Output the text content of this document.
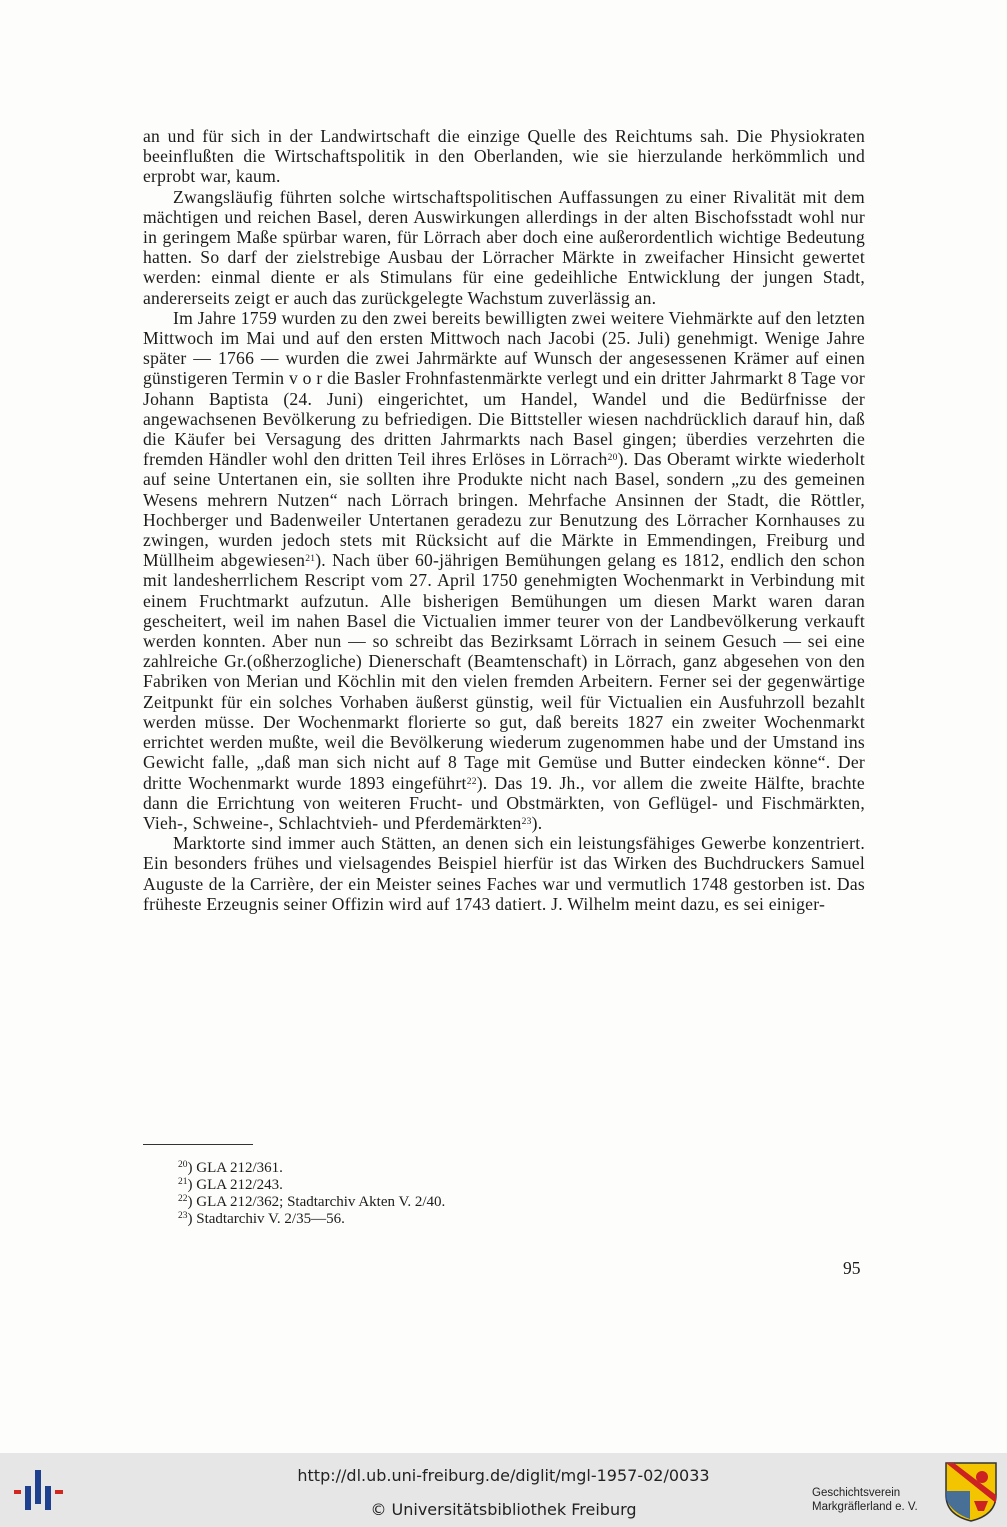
an und für sich in der Landwirtschaft die einzige Quelle des Reichtums sah. Die Physiokraten beeinflußten die Wirtschaftspolitik in den Oberlanden, wie sie hierzulande herkömmlich und erprobt war, kaum.

Zwangsläufig führten solche wirtschaftspolitischen Auffassungen zu einer Rivalität mit dem mächtigen und reichen Basel, deren Auswirkungen allerdings in der alten Bischofsstadt wohl nur in geringem Maße spürbar waren, für Lörrach aber doch eine außerordentlich wichtige Bedeutung hatten. So darf der zielstrebige Ausbau der Lörracher Märkte in zweifacher Hinsicht gewertet werden: einmal diente er als Stimulans für eine gedeihliche Entwicklung der jungen Stadt, andererseits zeigt er auch das zurückgelegte Wachstum zuverlässig an.

Im Jahre 1759 wurden zu den zwei bereits bewilligten zwei weitere Viehmärkte auf den letzten Mittwoch im Mai und auf den ersten Mittwoch nach Jacobi (25. Juli) genehmigt. Wenige Jahre später — 1766 — wurden die zwei Jahrmärkte auf Wunsch der angesessenen Krämer auf einen günstigeren Termin v o r die Basler Frohnfastenmärkte verlegt und ein dritter Jahrmarkt 8 Tage vor Johann Baptista (24. Juni) eingerichtet, um Handel, Wandel und die Bedürfnisse der angewachsenen Bevölkerung zu befriedigen. Die Bittsteller wiesen nachdrücklich darauf hin, daß die Käufer bei Versagung des dritten Jahrmarkts nach Basel gingen; überdies verzehrten die fremden Händler wohl den dritten Teil ihres Erlöses in Lörrach$^{20}$). Das Oberamt wirkte wiederholt auf seine Untertanen ein, sie sollten ihre Produkte nicht nach Basel, sondern „zu des gemeinen Wesens mehrern Nutzen“ nach Lörrach bringen. Mehrfache Ansinnen der Stadt, die Röttler, Hochberger und Badenweiler Untertanen geradezu zur Benutzung des Lörracher Kornhauses zu zwingen, wurden jedoch stets mit Rücksicht auf die Märkte in Emmendingen, Freiburg und Müllheim abgewiesen$^{21}$). Nach über 60-jährigen Bemühungen gelang es 1812, endlich den schon mit landesherrlichem Rescript vom 27. April 1750 genehmigten Wochenmarkt in Verbindung mit einem Fruchtmarkt aufzutun. Alle bisherigen Bemühungen um diesen Markt waren daran gescheitert, weil im nahen Basel die Victualien immer teurer von der Landbevölkerung verkauft werden konnten. Aber nun — so schreibt das Bezirksamt Lörrach in seinem Gesuch — sei eine zahlreiche Gr.(oßherzogliche) Dienerschaft (Beamtenschaft) in Lörrach, ganz abgesehen von den Fabriken von Merian und Köchlin mit den vielen fremden Arbeitern. Ferner sei der gegenwärtige Zeitpunkt für ein solches Vorhaben äußerst günstig, weil für Victualien ein Ausfuhrzoll bezahlt werden müsse. Der Wochenmarkt florierte so gut, daß bereits 1827 ein zweiter Wochenmarkt errichtet werden mußte, weil die Bevölkerung wiederum zugenommen habe und der Umstand ins Gewicht falle, „daß man sich nicht auf 8 Tage mit Gemüse und Butter eindecken könne“. Der dritte Wochenmarkt wurde 1893 eingeführt$^{22}$). Das 19. Jh., vor allem die zweite Hälfte, brachte dann die Errichtung von weiteren Frucht- und Obstmärkten, von Geflügel- und Fischmärkten, Vieh-, Schweine-, Schlachtvieh- und Pferdemärkten$^{23}$).

Marktorte sind immer auch Stätten, an denen sich ein leistungsfähiges Gewerbe konzentriert. Ein besonders frühes und vielsagendes Beispiel hierfür ist das Wirken des Buchdruckers Samuel Auguste de la Carrière, der ein Meister seines Faches war und vermutlich 1748 gestorben ist. Das früheste Erzeugnis seiner Offizin wird auf 1743 datiert. J. Wilhelm meint dazu, es sei einiger-

$^{20}$) GLA 212/361.

$^{21}$) GLA 212/243.

$^{22}$) GLA 212/362; Stadtarchiv Akten V. 2/40.

$^{23}$) Stadtarchiv V. 2/35—56.

95
http://dl.ub.uni-freiburg.de/diglit/mgl-1957-02/0033
© Universitätsbibliothek Freiburg
Geschichtsverein
Markgräflerland e. V.
